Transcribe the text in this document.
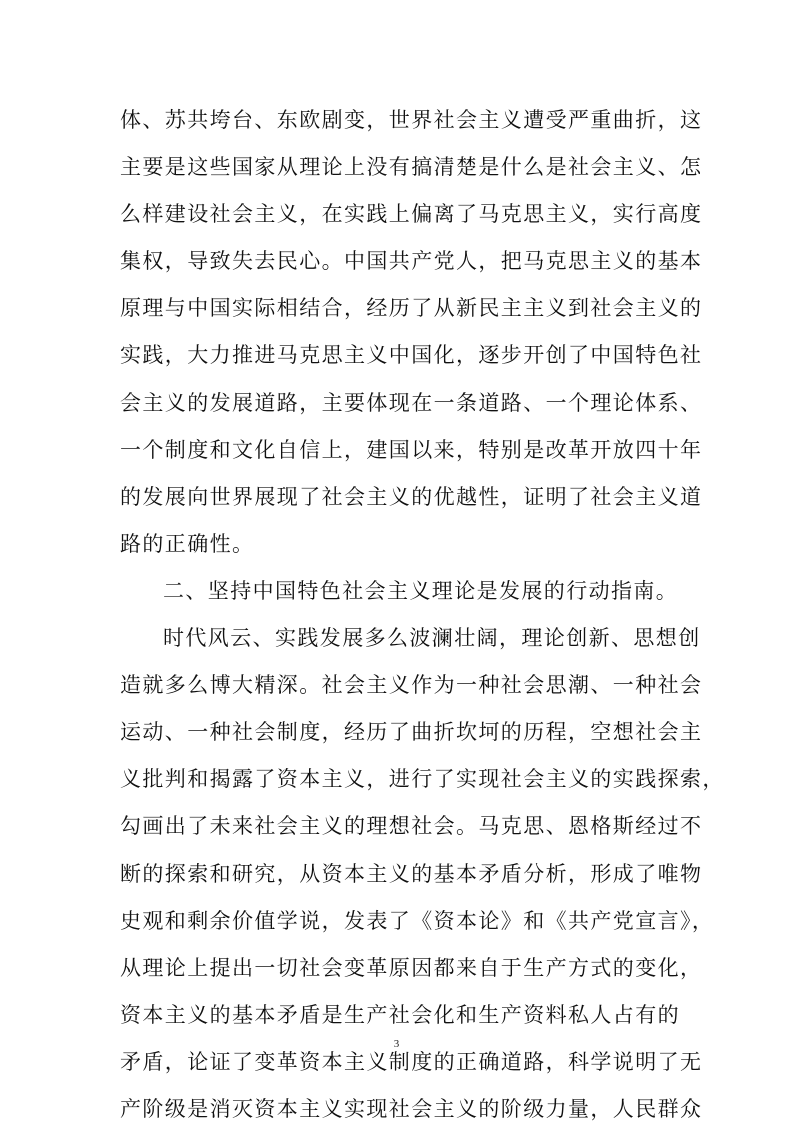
体、苏共垮台、东欧剧变，世界社会主义遭受严重曲折，这
主要是这些国家从理论上没有搞清楚是什么是社会主义、怎
么样建设社会主义，在实践上偏离了马克思主义，实行高度
集权，导致失去民心。中国共产党人，把马克思主义的基本
原理与中国实际相结合，经历了从新民主主义到社会主义的
实践，大力推进马克思主义中国化，逐步开创了中国特色社
会主义的发展道路，主要体现在一条道路、一个理论体系、
一个制度和文化自信上，建国以来，特别是改革开放四十年
的发展向世界展现了社会主义的优越性，证明了社会主义道
路的正确性。
二、坚持中国特色社会主义理论是发展的行动指南。
时代风云、实践发展多么波澜壮阔，理论创新、思想创
造就多么博大精深。社会主义作为一种社会思潮、一种社会
运动、一种社会制度，经历了曲折坎坷的历程，空想社会主
义批判和揭露了资本主义，进行了实现社会主义的实践探索，
勾画出了未来社会主义的理想社会。马克思、恩格斯经过不
断的探索和研究，从资本主义的基本矛盾分析，形成了唯物
史观和剩余价值学说，发表了《资本论》和《共产党宣言》，
从理论上提出一切社会变革原因都来自于生产方式的变化，
资本主义的基本矛盾是生产社会化和生产资料私人占有的
矛盾，论证了变革资本主义制度的正确道路，科学说明了无
产阶级是消灭资本主义实现社会主义的阶级力量，人民群众
3
